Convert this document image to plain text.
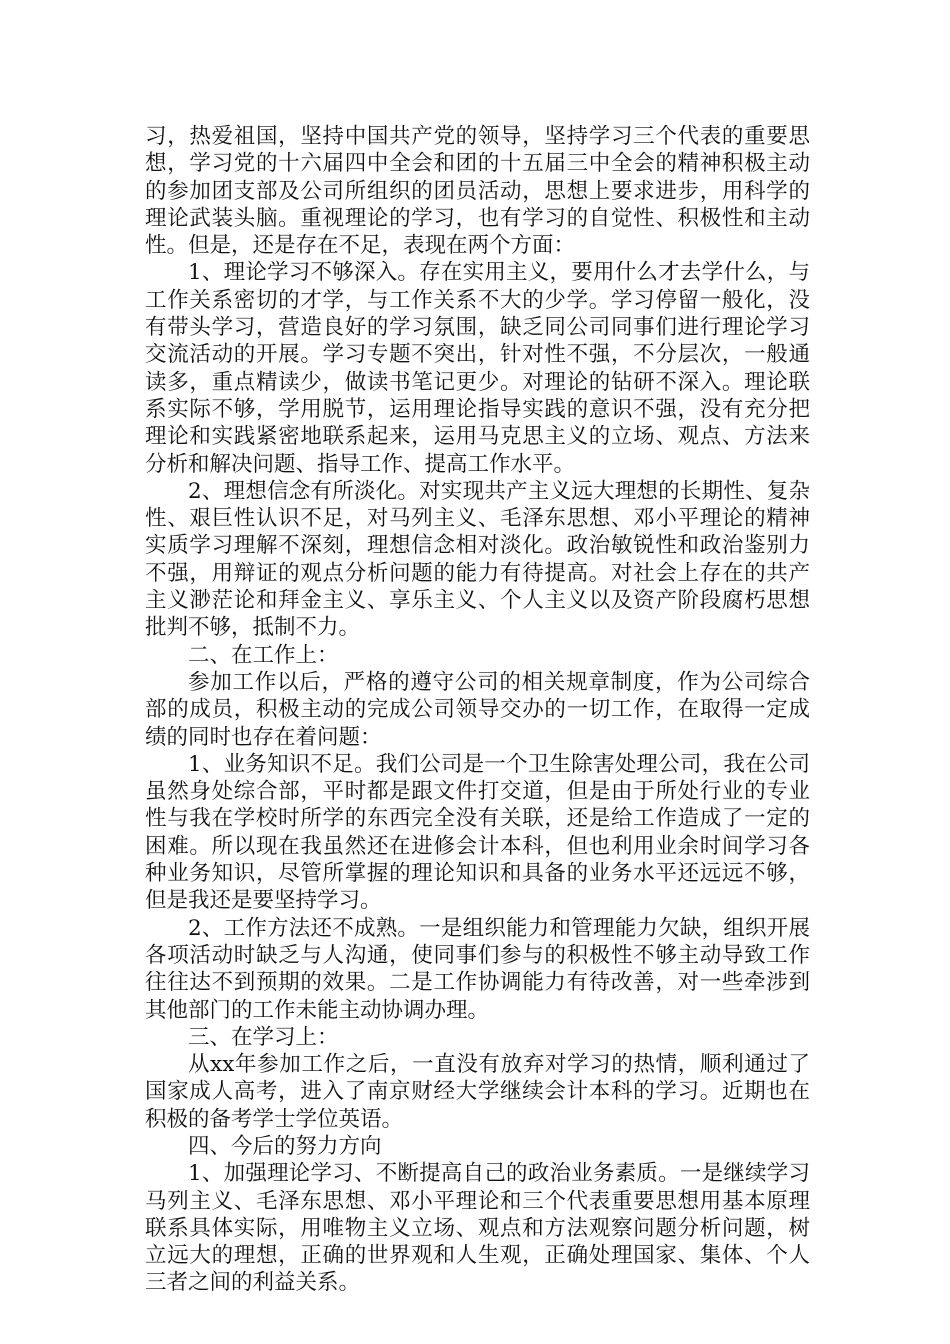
习，热爱祖国，坚持中国共产党的领导，坚持学习三个代表的重要思想，学习党的十六届四中全会和团的十五届三中全会的精神积极主动的参加团支部及公司所组织的团员活动，思想上要求进步，用科学的理论武装头脑。重视理论的学习，也有学习的自觉性、积极性和主动性。但是，还是存在不足，表现在两个方面：

1、理论学习不够深入。存在实用主义，要用什么才去学什么，与工作关系密切的才学，与工作关系不大的少学。学习停留一般化，没有带头学习，营造良好的学习氛围，缺乏同公司同事们进行理论学习交流活动的开展。学习专题不突出，针对性不强，不分层次，一般通读多，重点精读少，做读书笔记更少。对理论的钻研不深入。理论联系实际不够，学用脱节，运用理论指导实践的意识不强，没有充分把理论和实践紧密地联系起来，运用马克思主义的立场、观点、方法来分析和解决问题、指导工作、提高工作水平。

2、理想信念有所淡化。对实现共产主义远大理想的长期性、复杂性、艰巨性认识不足，对马列主义、毛泽东思想、邓小平理论的精神实质学习理解不深刻，理想信念相对淡化。政治敏锐性和政治鉴别力不强，用辩证的观点分析问题的能力有待提高。对社会上存在的共产主义渺茫论和拜金主义、享乐主义、个人主义以及资产阶段腐朽思想批判不够，抵制不力。

二、在工作上：

参加工作以后，严格的遵守公司的相关规章制度，作为公司综合部的成员，积极主动的完成公司领导交办的一切工作，在取得一定成绩的同时也存在着问题：

1、业务知识不足。我们公司是一个卫生除害处理公司，我在公司虽然身处综合部，平时都是跟文件打交道，但是由于所处行业的专业性与我在学校时所学的东西完全没有关联，还是给工作造成了一定的困难。所以现在我虽然还在进修会计本科，但也利用业余时间学习各种业务知识，尽管所掌握的理论知识和具备的业务水平还远远不够，但是我还是要坚持学习。

2、工作方法还不成熟。一是组织能力和管理能力欠缺，组织开展各项活动时缺乏与人沟通，使同事们参与的积极性不够主动导致工作往往达不到预期的效果。二是工作协调能力有待改善，对一些牵涉到其他部门的工作未能主动协调办理。

三、在学习上：

从xx年参加工作之后，一直没有放弃对学习的热情，顺利通过了国家成人高考，进入了南京财经大学继续会计本科的学习。近期也在积极的备考学士学位英语。

四、今后的努力方向

1、加强理论学习、不断提高自己的政治业务素质。一是继续学习马列主义、毛泽东思想、邓小平理论和三个代表重要思想用基本原理联系具体实际，用唯物主义立场、观点和方法观察问题分析问题，树立远大的理想，正确的世界观和人生观，正确处理国家、集体、个人三者之间的利益关系。
